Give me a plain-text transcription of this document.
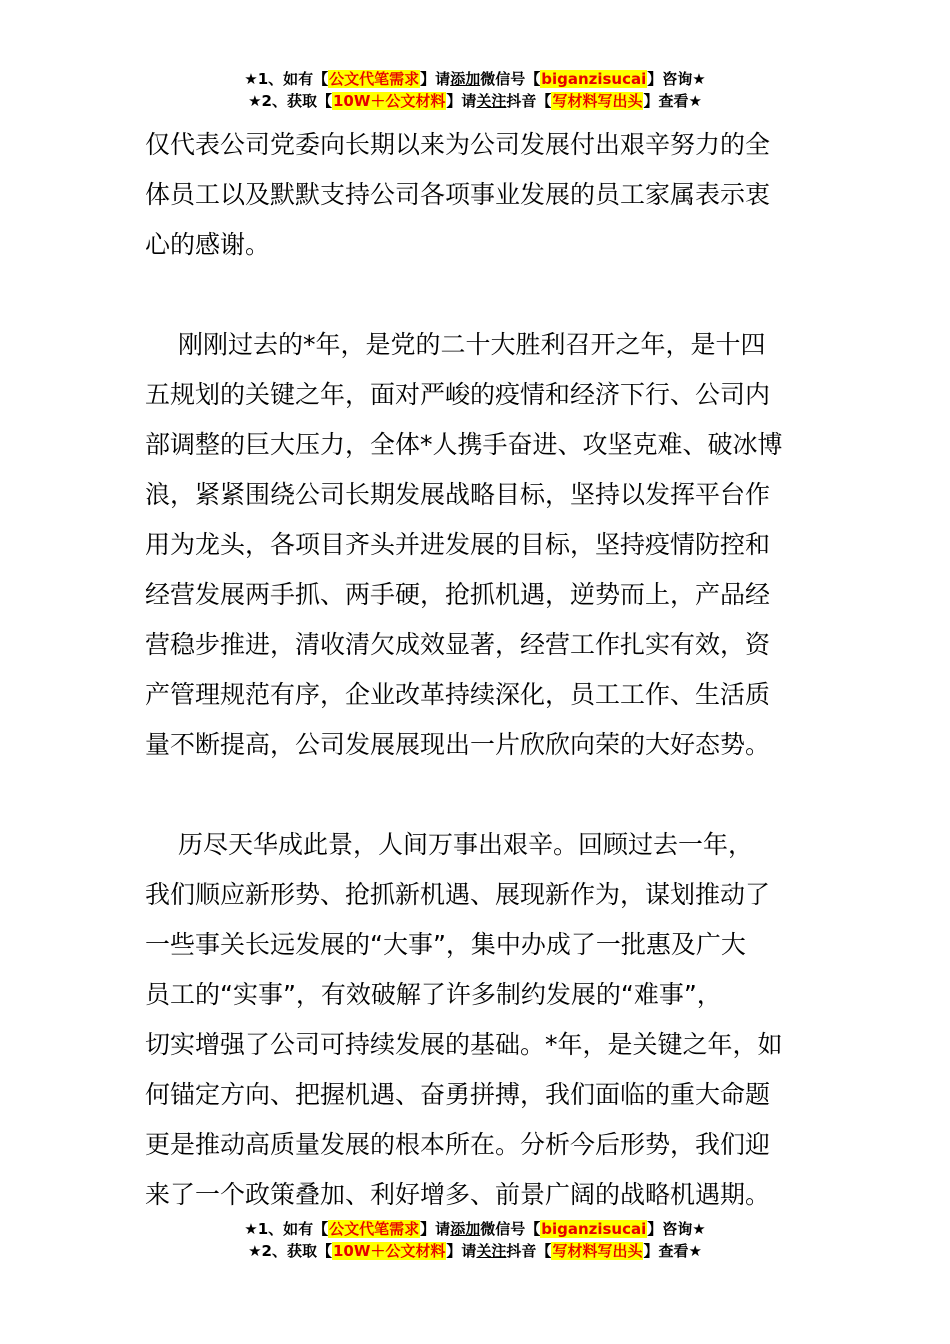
★1、如有【公文代笔需求】请添加微信号【biganzisucai】咨询★
★2、获取【10W＋公文材料】请关注抖音【写材料写出头】查看★

仅代表公司党委向长期以来为公司发展付出艰辛努力的全
体员工以及默默支持公司各项事业发展的员工家属表示衷
心的感谢。

　 刚刚过去的*年，是党的二十大胜利召开之年，是十四
五规划的关键之年，面对严峻的疫情和经济下行、公司内
部调整的巨大压力，全体*人携手奋进、攻坚克难、破冰博
浪，紧紧围绕公司长期发展战略目标，坚持以发挥平台作
用为龙头，各项目齐头并进发展的目标，坚持疫情防控和
经营发展两手抓、两手硬，抢抓机遇，逆势而上，产品经
营稳步推进，清收清欠成效显著，经营工作扎实有效，资
产管理规范有序，企业改革持续深化，员工工作、生活质
量不断提高，公司发展展现出一片欣欣向荣的大好态势。

　 历尽天华成此景，人间万事出艰辛。回顾过去一年，
我们顺应新形势、抢抓新机遇、展现新作为，谋划推动了
一些事关长远发展的“大事”，集中办成了一批惠及广大
员工的“实事”，有效破解了许多制约发展的“难事”，
切实增强了公司可持续发展的基础。*年，是关键之年，如
何锚定方向、把握机遇、奋勇拼搏，我们面临的重大命题
更是推动高质量发展的根本所在。分析今后形势，我们迎
来了一个政策叠加、利好增多、前景广阔的战略机遇期。

★1、如有【公文代笔需求】请添加微信号【biganzisucai】咨询★
★2、获取【10W＋公文材料】请关注抖音【写材料写出头】查看★
